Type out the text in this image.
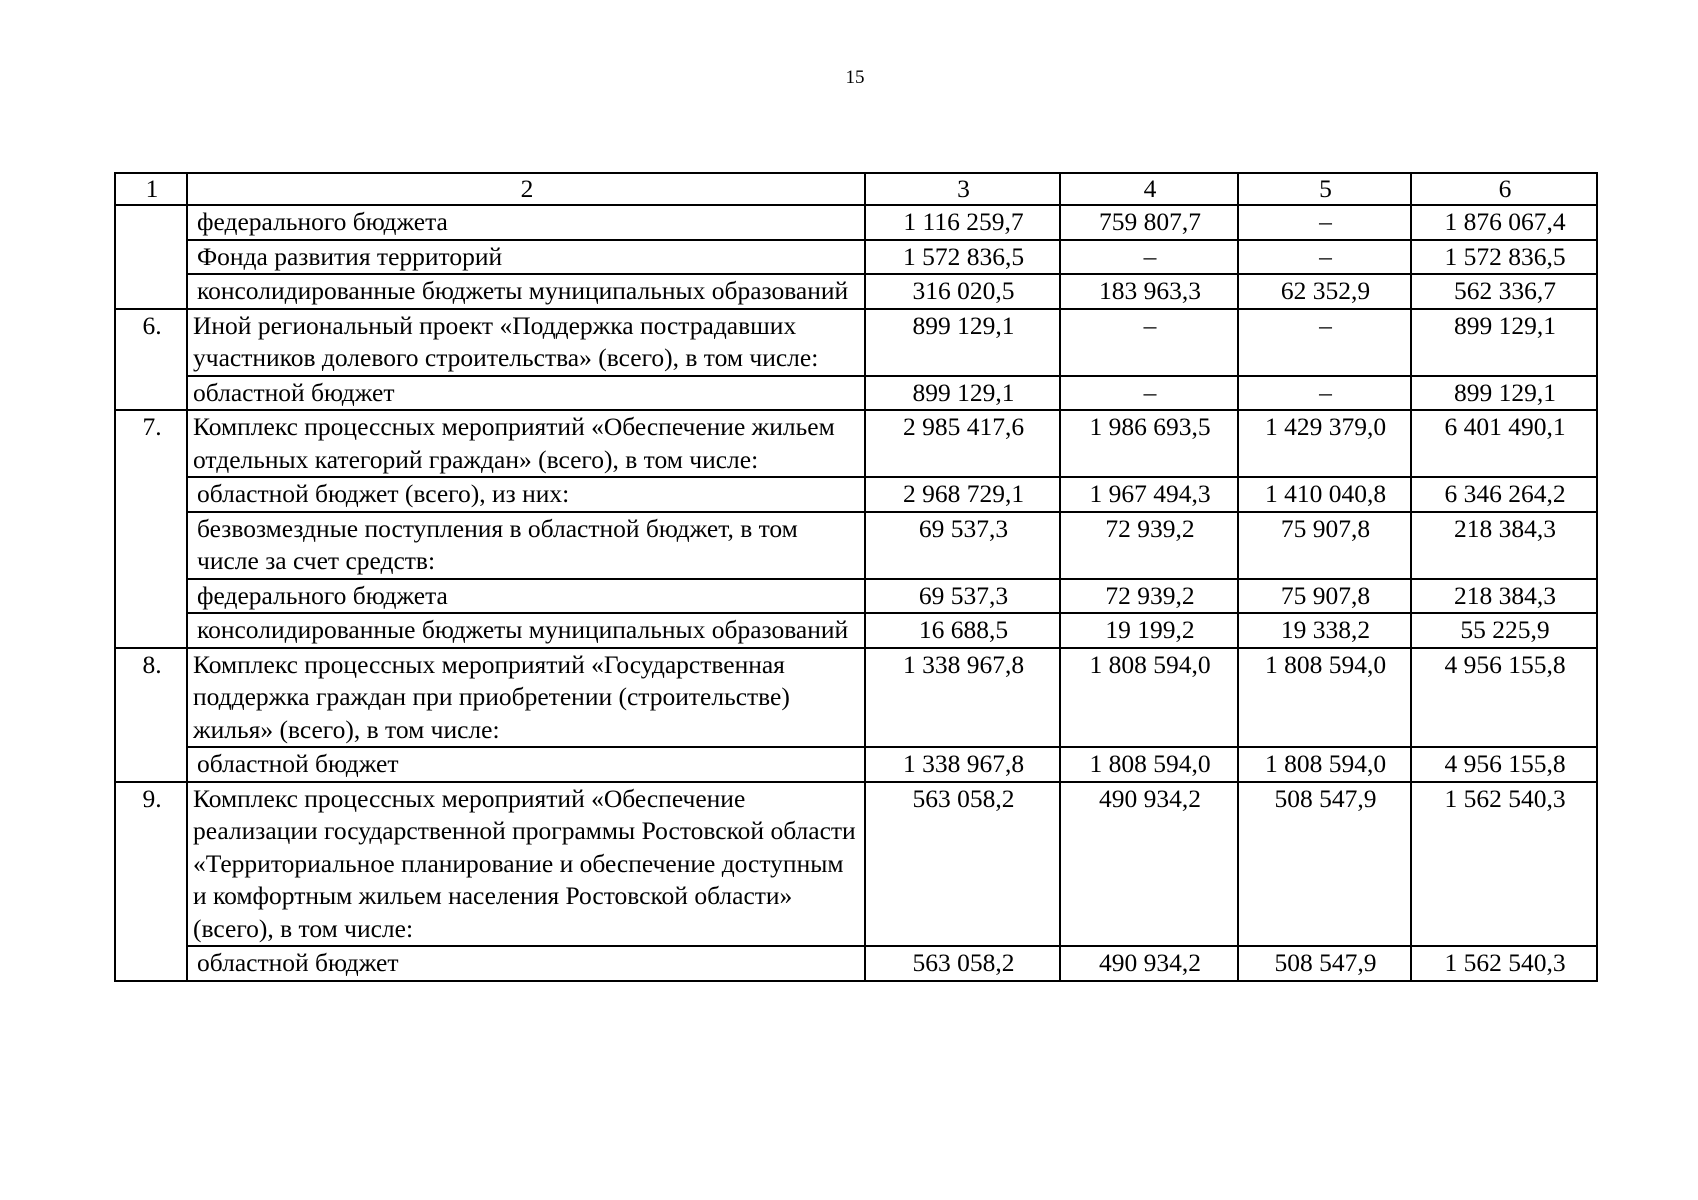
15
1	2	3	4	5	6
	федерального бюджета	1 116 259,7	759 807,7	–	1 876 067,4
	Фонда развития территорий	1 572 836,5	–	–	1 572 836,5
	консолидированные бюджеты муниципальных образований	316 020,5	183 963,3	62 352,9	562 336,7
6.	Иной региональный проект «Поддержка пострадавших участников долевого строительства» (всего), в том числе:	899 129,1	–	–	899 129,1
	областной бюджет	899 129,1	–	–	899 129,1
7.	Комплекс процессных мероприятий «Обеспечение жильем отдельных категорий граждан» (всего), в том числе:	2 985 417,6	1 986 693,5	1 429 379,0	6 401 490,1
	областной бюджет (всего), из них:	2 968 729,1	1 967 494,3	1 410 040,8	6 346 264,2
	безвозмездные поступления в областной бюджет, в том числе за счет средств:	69 537,3	72 939,2	75 907,8	218 384,3
	федерального бюджета	69 537,3	72 939,2	75 907,8	218 384,3
	консолидированные бюджеты муниципальных образований	16 688,5	19 199,2	19 338,2	55 225,9
8.	Комплекс процессных мероприятий «Государственная поддержка граждан при приобретении (строительстве) жилья» (всего), в том числе:	1 338 967,8	1 808 594,0	1 808 594,0	4 956 155,8
	областной бюджет	1 338 967,8	1 808 594,0	1 808 594,0	4 956 155,8
9.	Комплекс процессных мероприятий «Обеспечение реализации государственной программы Ростовской области «Территориальное планирование и обеспечение доступным и комфортным жильем населения Ростовской области» (всего), в том числе:	563 058,2	490 934,2	508 547,9	1 562 540,3
	областной бюджет	563 058,2	490 934,2	508 547,9	1 562 540,3
